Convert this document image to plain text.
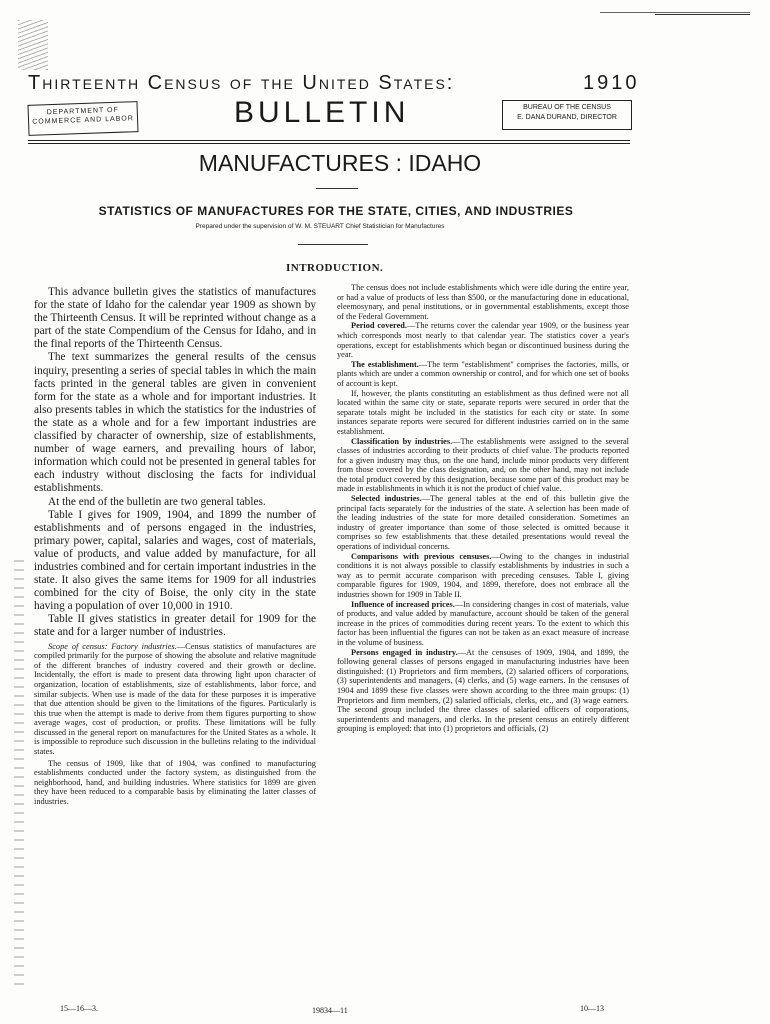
Thirteenth Census of the United States:	1910
DEPARTMENT OF COMMERCE AND LABOR	BULLETIN	BUREAU OF THE CENSUS
E. DANA DURAND, DIRECTOR
MANUFACTURES : IDAHO
STATISTICS OF MANUFACTURES FOR THE STATE, CITIES, AND INDUSTRIES
Prepared under the supervision of W. M. STEUART Chief Statistician for Manufactures
INTRODUCTION.

This advance bulletin gives the statistics of manufactures for the state of Idaho for the calendar year 1909 as shown by the Thirteenth Census. It will be reprinted without change as a part of the state Compendium of the Census for Idaho, and in the final reports of the Thirteenth Census.

The text summarizes the general results of the census inquiry, presenting a series of special tables in which the main facts printed in the general tables are given in convenient form for the state as a whole and for important industries. It also presents tables in which the statistics for the industries of the state as a whole and for a few important industries are classified by character of ownership, size of establishments, number of wage earners, and prevailing hours of labor, information which could not be presented in general tables for each industry without disclosing the facts for individual establishments.

At the end of the bulletin are two general tables.

Table I gives for 1909, 1904, and 1899 the number of establishments and of persons engaged in the industries, primary power, capital, salaries and wages, cost of materials, value of products, and value added by manufacture, for all industries combined and for certain important industries in the state. It also gives the same items for 1909 for all industries combined for the city of Boise, the only city in the state having a population of over 10,000 in 1910.

Table II gives statistics in greater detail for 1909 for the state and for a larger number of industries.

Scope of census: Factory industries.—Census statistics of manufactures are compiled primarily for the purpose of showing the absolute and relative magnitude of the different branches of industry covered and their growth or decline. Incidentally, the effort is made to present data throwing light upon character of organization, location of establishments, size of establishments, labor force, and similar subjects. When use is made of the data for these purposes it is imperative that due attention should be given to the limitations of the figures. Particularly is this true when the attempt is made to derive from them figures purporting to show average wages, cost of production, or profits. These limitations will be fully discussed in the general report on manufactures for the United States as a whole. It is impossible to reproduce such discussion in the bulletins relating to the individual states.

The census of 1909, like that of 1904, was confined to manufacturing establishments conducted under the factory system, as distinguished from the neighborhood, hand, and building industries. Where statistics for 1899 are given they have been reduced to a comparable basis by eliminating the latter classes of industries.

The census does not include establishments which were idle during the entire year, or had a value of products of less than $500, or the manufacturing done in educational, eleemosynary, and penal institutions, or in governmental establishments, except those of the Federal Government.

Period covered.—The returns cover the calendar year 1909, or the business year which corresponds most nearly to that calendar year. The statistics cover a year's operations, except for establishments which began or discontinued business during the year.

The establishment.—The term "establishment" comprises the factories, mills, or plants which are under a common ownership or control, and for which one set of books of account is kept.

If, however, the plants constituting an establishment as thus defined were not all located within the same city or state, separate reports were secured in order that the separate totals might be included in the statistics for each city or state. In some instances separate reports were secured for different industries carried on in the same establishment.

Classification by industries.—The establishments were assigned to the several classes of industries according to their products of chief value. The products reported for a given industry may thus, on the one hand, include minor products very different from those covered by the class designation, and, on the other hand, may not include the total product covered by this designation, because some part of this product may be made in establishments in which it is not the product of chief value.

Selected industries.—The general tables at the end of this bulletin give the principal facts separately for the industries of the state. A selection has been made of the leading industries of the state for more detailed consideration. Sometimes an industry of greater importance than some of those selected is omitted because it comprises so few establishments that these detailed presentations would reveal the operations of individual concerns.

Comparisons with previous censuses.—Owing to the changes in industrial conditions it is not always possible to classify establishments by industries in such a way as to permit accurate comparison with preceding censuses. Table I, giving comparable figures for 1909, 1904, and 1899, therefore, does not embrace all the industries shown for 1909 in Table II.

Influence of increased prices.—In considering changes in cost of materials, value of products, and value added by manufacture, account should be taken of the general increase in the prices of commodities during recent years. To the extent to which this factor has been influential the figures can not be taken as an exact measure of increase in the volume of business.

Persons engaged in industry.—At the censuses of 1909, 1904, and 1899, the following general classes of persons engaged in manufacturing industries have been distinguished: (1) Proprietors and firm members, (2) salaried officers of corporations, (3) superintendents and managers, (4) clerks, and (5) wage earners. In the censuses of 1904 and 1899 these five classes were shown according to the three main groups: (1) Proprietors and firm members, (2) salaried officials, clerks, etc., and (3) wage earners. The second group included the three classes of salaried officers of corporations, superintendents and managers, and clerks. In the present census an entirely different grouping is employed: that into (1) proprietors and officials, (2)

15—16—3.	19834—11	10—13
